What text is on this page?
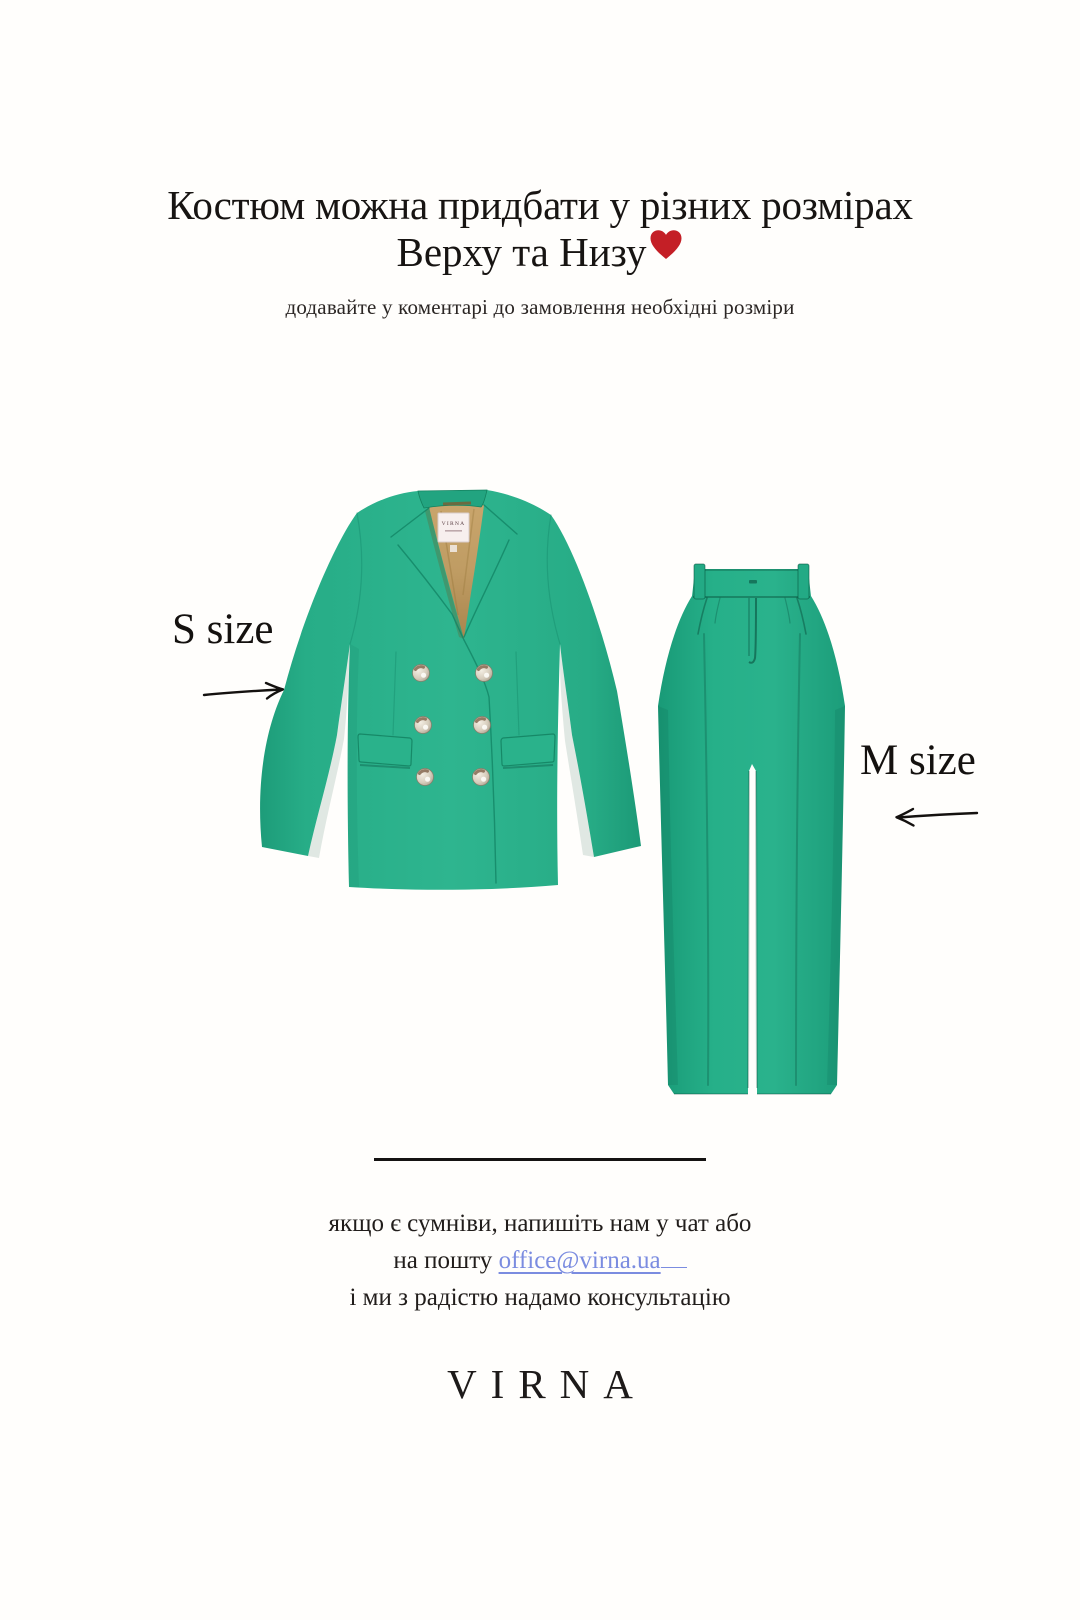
Костюм можна придбати у різних розмірах
Верху та Низу
додавайте у коментарі до замовлення необхідні розміри
S size
VIRNA
M size
якщо є сумніви, напишіть нам у чат або
на пошту office@virna.ua
і ми з радістю надамо консультацію
VIRNA
